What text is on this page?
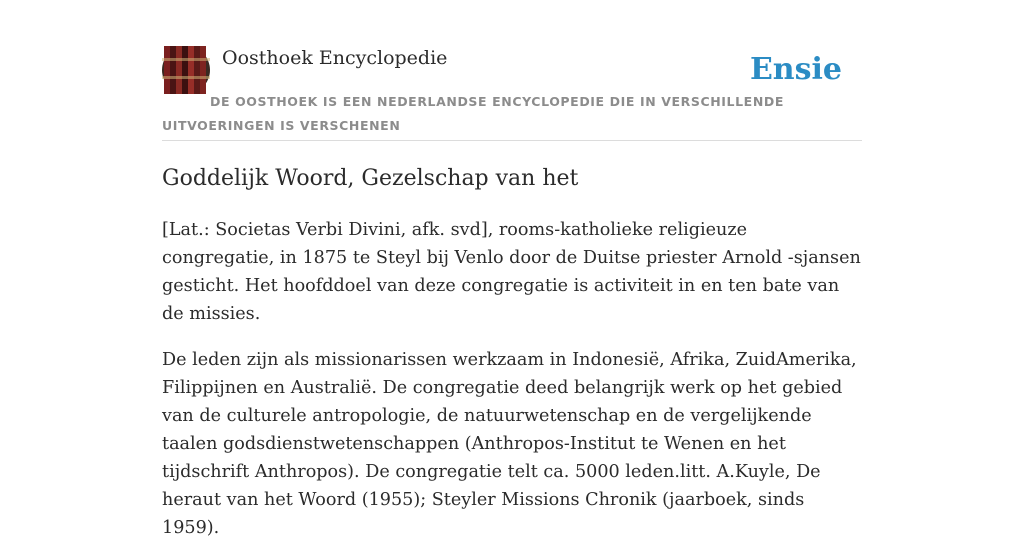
Oosthoek Encyclopedie	Ensie
DE OOSTHOEK IS EEN NEDERLANDSE ENCYCLOPEDIE DIE IN VERSCHILLENDE UITVOERINGEN IS VERSCHENEN
Goddelijk Woord, Gezelschap van het

[Lat.: Societas Verbi Divini, afk. svd], rooms-katholieke religieuze congregatie, in 1875 te Steyl bij Venlo door de Duitse priester Arnold -sjansen gesticht. Het hoofddoel van deze congregatie is activiteit in en ten bate van de missies.

De leden zijn als missionarissen werkzaam in Indonesië, Afrika, ZuidAmerika, Filippijnen en Australië. De congregatie deed belangrijk werk op het gebied van de culturele antropologie, de natuurwetenschap en de vergelijkende taalen godsdienstwetenschappen (Anthropos-Institut te Wenen en het tijdschrift Anthropos). De congregatie telt ca. 5000 leden.litt. A.Kuyle, De heraut van het Woord (1955); Steyler Missions Chronik (jaarboek, sinds 1959).
